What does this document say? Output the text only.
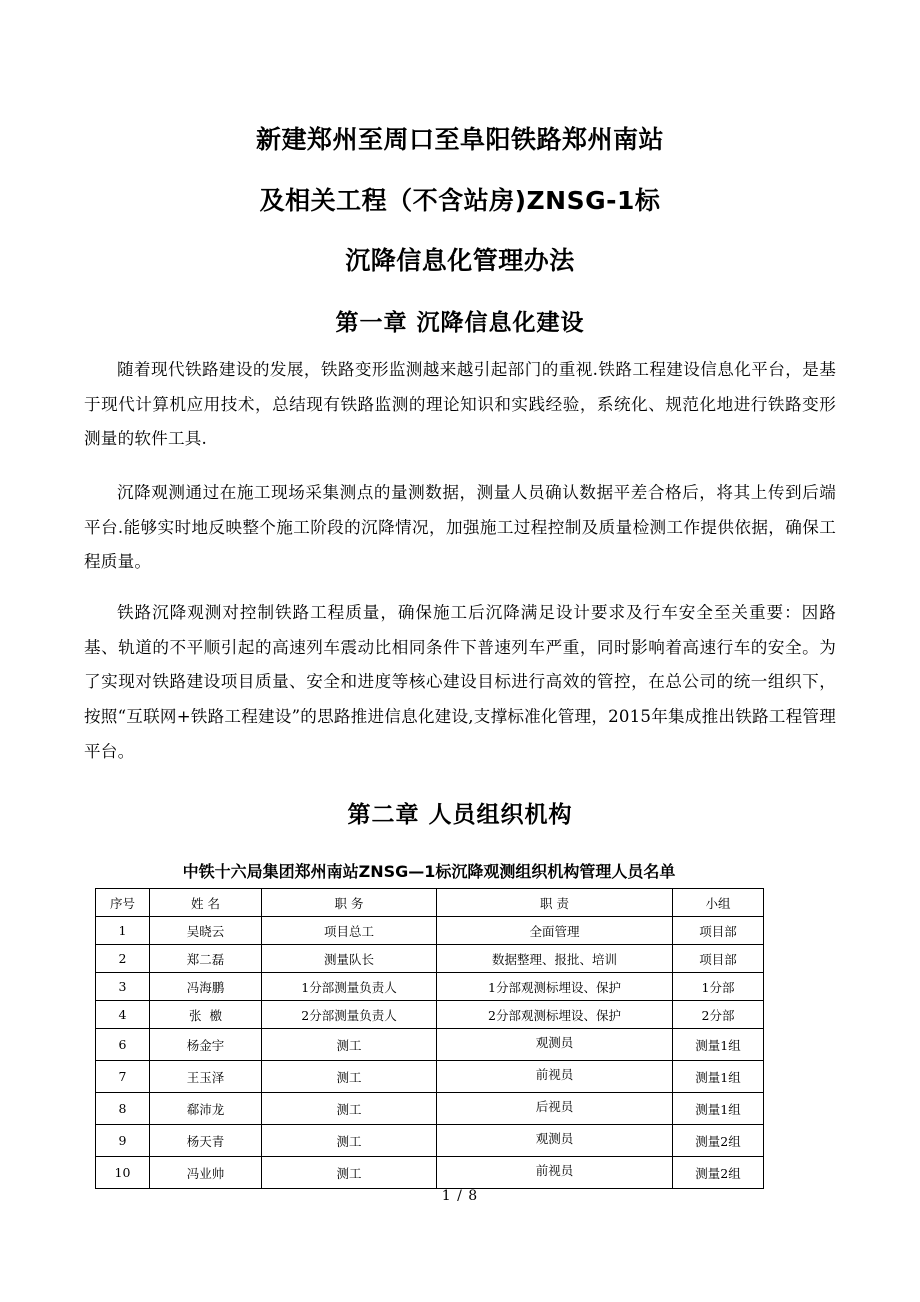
新建郑州至周口至阜阳铁路郑州南站
及相关工程（不含站房)ZNSG-1标
沉降信息化管理办法
第一章 沉降信息化建设
随着现代铁路建设的发展，铁路变形监测越来越引起部门的重视.铁路工程建设信息化平台，是基于现代计算机应用技术，总结现有铁路监测的理论知识和实践经验，系统化、规范化地进行铁路变形测量的软件工具.
沉降观测通过在施工现场采集测点的量测数据，测量人员确认数据平差合格后，将其上传到后端平台.能够实时地反映整个施工阶段的沉降情况，加强施工过程控制及质量检测工作提供依据，确保工程质量。
铁路沉降观测对控制铁路工程质量，确保施工后沉降满足设计要求及行车安全至关重要：因路基、轨道的不平顺引起的高速列车震动比相同条件下普速列车严重，同时影响着高速行车的安全。为了实现对铁路建设项目质量、安全和进度等核心建设目标进行高效的管控，在总公司的统一组织下，按照“互联网+铁路工程建设”的思路推进信息化建设,支撑标准化管理，2015年集成推出铁路工程管理平台。
第二章 人员组织机构
中铁十六局集团郑州南站ZNSG—1标沉降观测组织机构管理人员名单
序号	姓 名	职 务	职 责	小组
1	吴晓云	项目总工	全面管理	项目部
2	郑二磊	测量队长	数据整理、报批、培训	项目部
3	冯海鹏	1分部测量负责人	1分部观测标埋设、保护	1分部
4	张  檄	2分部测量负责人	2分部观测标埋设、保护	2分部
6	杨金宇	测工	观测员	测量1组
7	王玉泽	测工	前视员	测量1组
8	郗沛龙	测工	后视员	测量1组
9	杨天青	测工	观测员	测量2组
10	冯业帅	测工	前视员	测量2组
1 / 8
